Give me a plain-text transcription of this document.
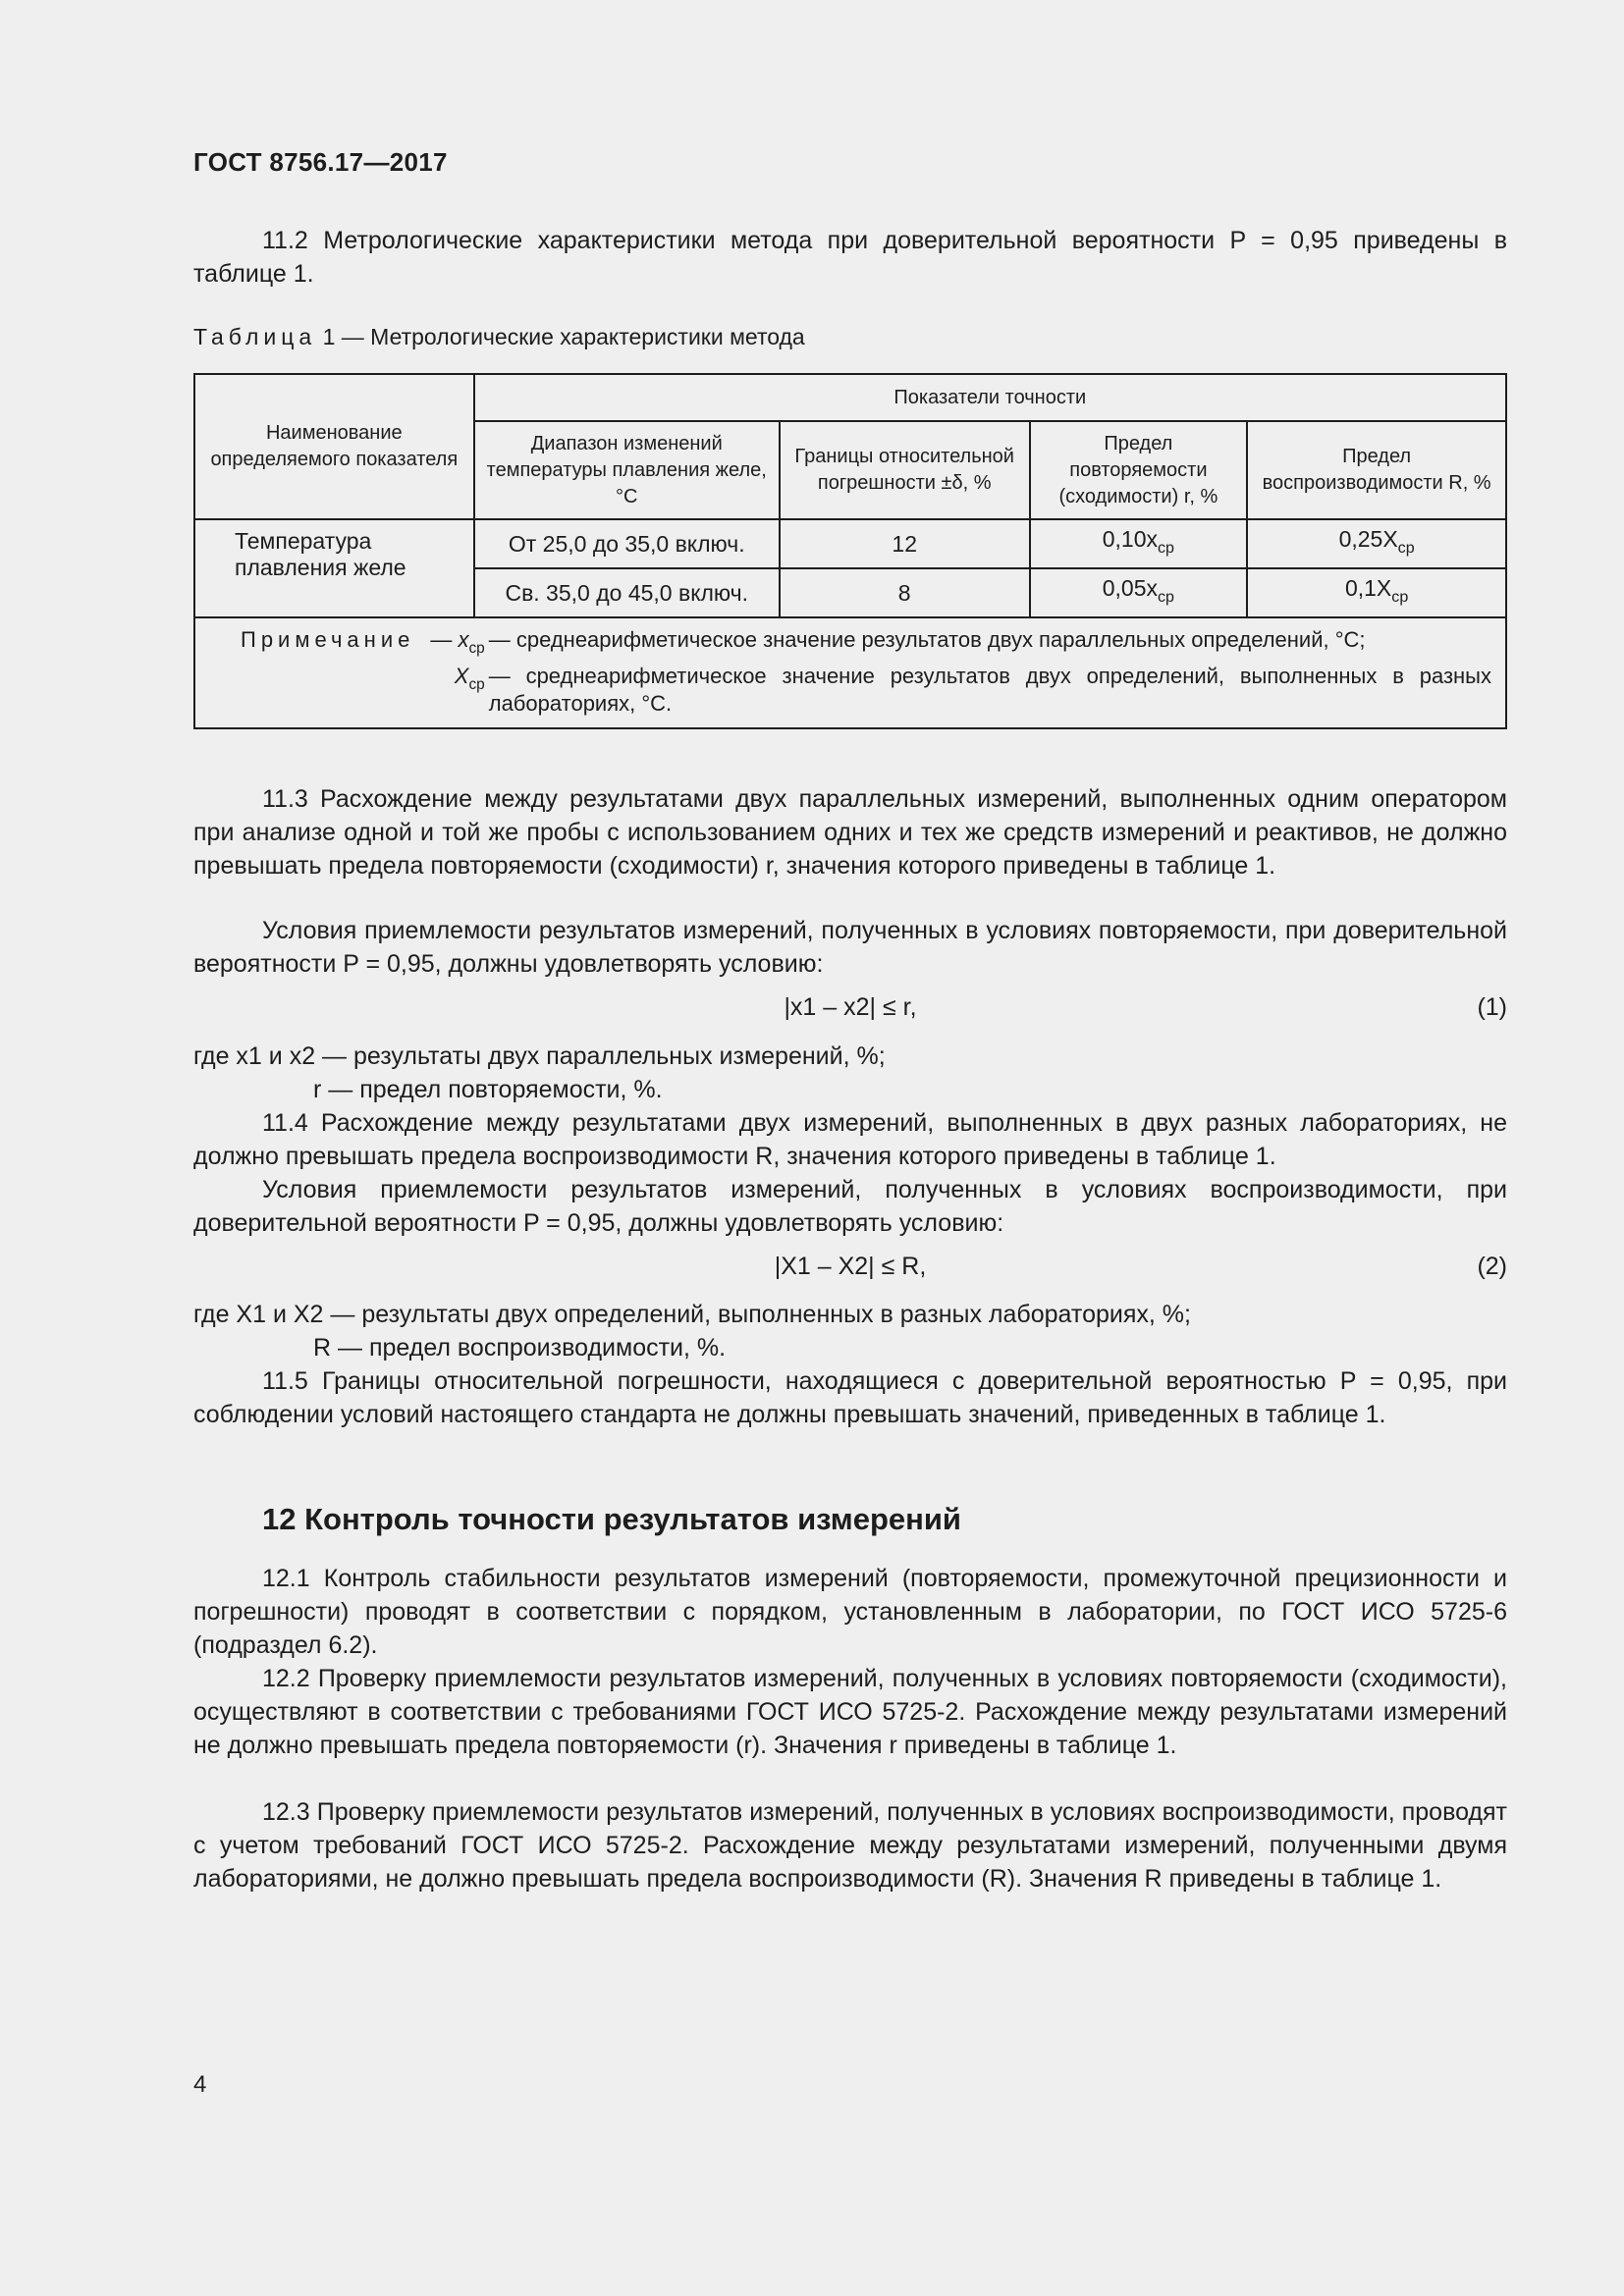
ГОСТ 8756.17—2017
11.2 Метрологические характеристики метода при доверительной вероятности P = 0,95 приведены в таблице 1.
Таблица 1 — Метрологические характеристики метода
Наименование определяемого показателя	Показатели точности			
	Диапазон изменений температуры плавления желе, °С	Границы относительной погрешности ±δ, %	Предел повторяемости (сходимости) r, %	Предел воспроизводимости R, %
Температура плавления желе	От 25,0 до 35,0 включ.	12	$0,10x_{ср}$	$0,25X_{ср}$
	Св. 35,0 до 45,0 включ.	8	$0,05x_{ср}$	$0,1X_{ср}$

Примечание — $x_{ср}$ — среднеарифметическое значение результатов двух параллельных определений, °С;
$X_{ср}$ — среднеарифметическое значение результатов двух определений, выполненных в разных лабораториях, °С.				
11.3 Расхождение между результатами двух параллельных измерений, выполненных одним оператором при анализе одной и той же пробы с использованием одних и тех же средств измерений и реактивов, не должно превышать предела повторяемости (сходимости) r, значения которого приведены в таблице 1.
Условия приемлемости результатов измерений, полученных в условиях повторяемости, при доверительной вероятности P = 0,95, должны удовлетворять условию:
|x1 – x2| ≤ r,	(1)
где x1 и x2 — результаты двух параллельных измерений, %;
r — предел повторяемости, %.
11.4 Расхождение между результатами двух измерений, выполненных в двух разных лабораториях, не должно превышать предела воспроизводимости R, значения которого приведены в таблице 1.
Условия приемлемости результатов измерений, полученных в условиях воспроизводимости, при доверительной вероятности P = 0,95, должны удовлетворять условию:
|X1 – X2| ≤ R,	(2)
где X1 и X2 — результаты двух определений, выполненных в разных лабораториях, %;
R — предел воспроизводимости, %.
11.5 Границы относительной погрешности, находящиеся с доверительной вероятностью P = 0,95, при соблюдении условий настоящего стандарта не должны превышать значений, приведенных в таблице 1.
12 Контроль точности результатов измерений
12.1 Контроль стабильности результатов измерений (повторяемости, промежуточной прецизионности и погрешности) проводят в соответствии с порядком, установленным в лаборатории, по ГОСТ ИСО 5725-6 (подраздел 6.2).
12.2 Проверку приемлемости результатов измерений, полученных в условиях повторяемости (сходимости), осуществляют в соответствии с требованиями ГОСТ ИСО 5725-2. Расхождение между результатами измерений не должно превышать предела повторяемости (r). Значения r приведены в таблице 1.
12.3 Проверку приемлемости результатов измерений, полученных в условиях воспроизводимости, проводят с учетом требований ГОСТ ИСО 5725-2. Расхождение между результатами измерений, полученными двумя лабораториями, не должно превышать предела воспроизводимости (R). Значения R приведены в таблице 1.
4
